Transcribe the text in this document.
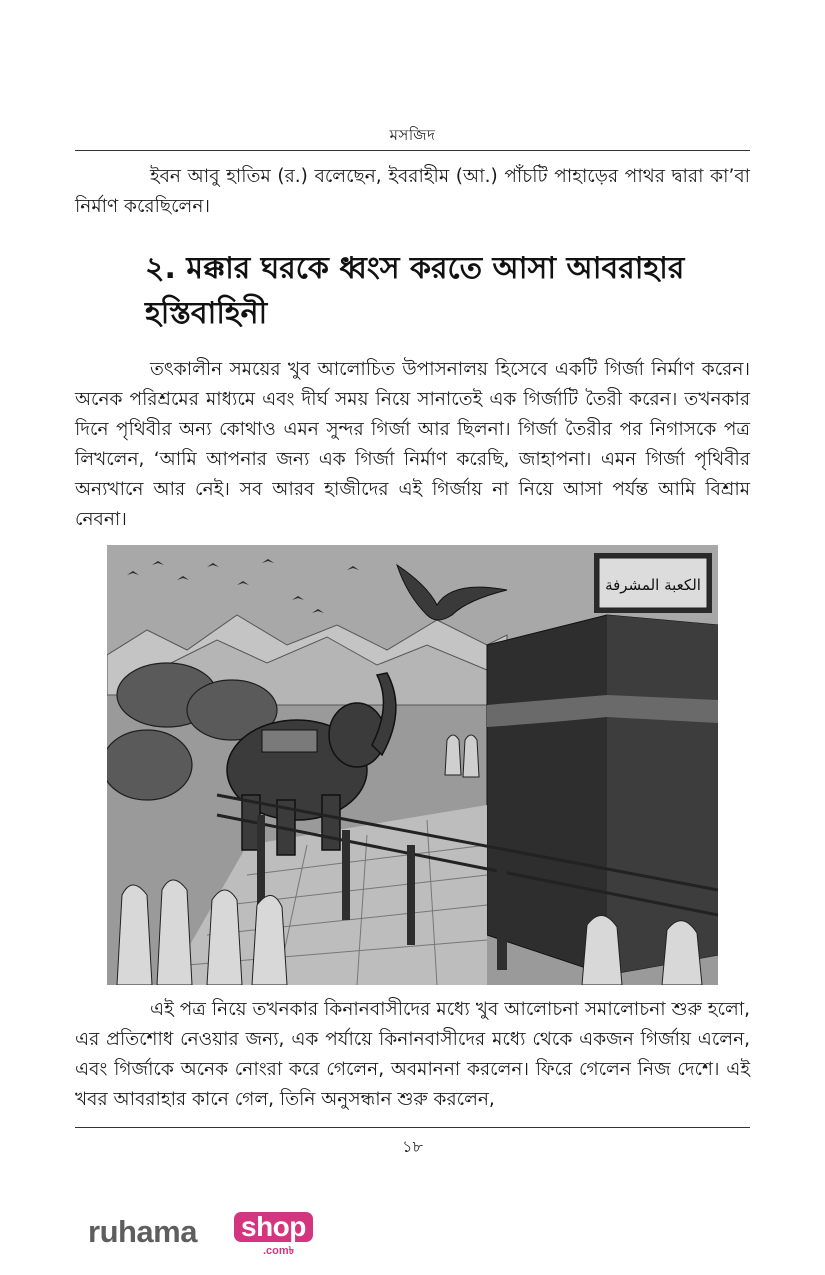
মসজিদ

ইবন আবু হাতিম (র.) বলেছেন, ইবরাহীম (আ.) পাঁচটি পাহাড়ের পাথর দ্বারা কা’বা নির্মাণ করেছিলেন।

২. মক্কার ঘরকে ধ্বংস করতে আসা আবরাহার
হস্তিবাহিনী

তৎকালীন সময়ের খুব আলোচিত উপাসনালয় হিসেবে একটি গির্জা নির্মাণ করেন। অনেক পরিশ্রমের মাধ্যমে এবং দীর্ঘ সময় নিয়ে সানাতেই এক গির্জাটি তৈরী করেন। তখনকার দিনে পৃথিবীর অন্য কোথাও এমন সুন্দর গির্জা আর ছিলনা। গির্জা তৈরীর পর নিগাসকে পত্র লিখলেন, ‘আমি আপনার জন্য এক গির্জা নির্মাণ করেছি, জাহাপনা। এমন গির্জা পৃথিবীর অন্যখানে আর নেই। সব আরব হাজীদের এই গির্জায় না নিয়ে আসা পর্যন্ত আমি বিশ্রাম নেবনা।

الكعبة المشرفة

এই পত্র নিয়ে তখনকার কিনানবাসীদের মধ্যে খুব আলোচনা সমালোচনা শুরু হলো, এর প্রতিশোধ নেওয়ার জন্য, এক পর্যায়ে কিনানবাসীদের মধ্যে থেকে একজন গির্জায় এলেন, এবং গির্জাকে অনেক নোংরা করে গেলেন, অবমাননা করলেন। ফিরে গেলেন নিজ দেশে। এই খবর আবরাহার কানে গেল, তিনি অনুসন্ধান শুরু করলেন,

১৮
ruhama shop
.com৳
